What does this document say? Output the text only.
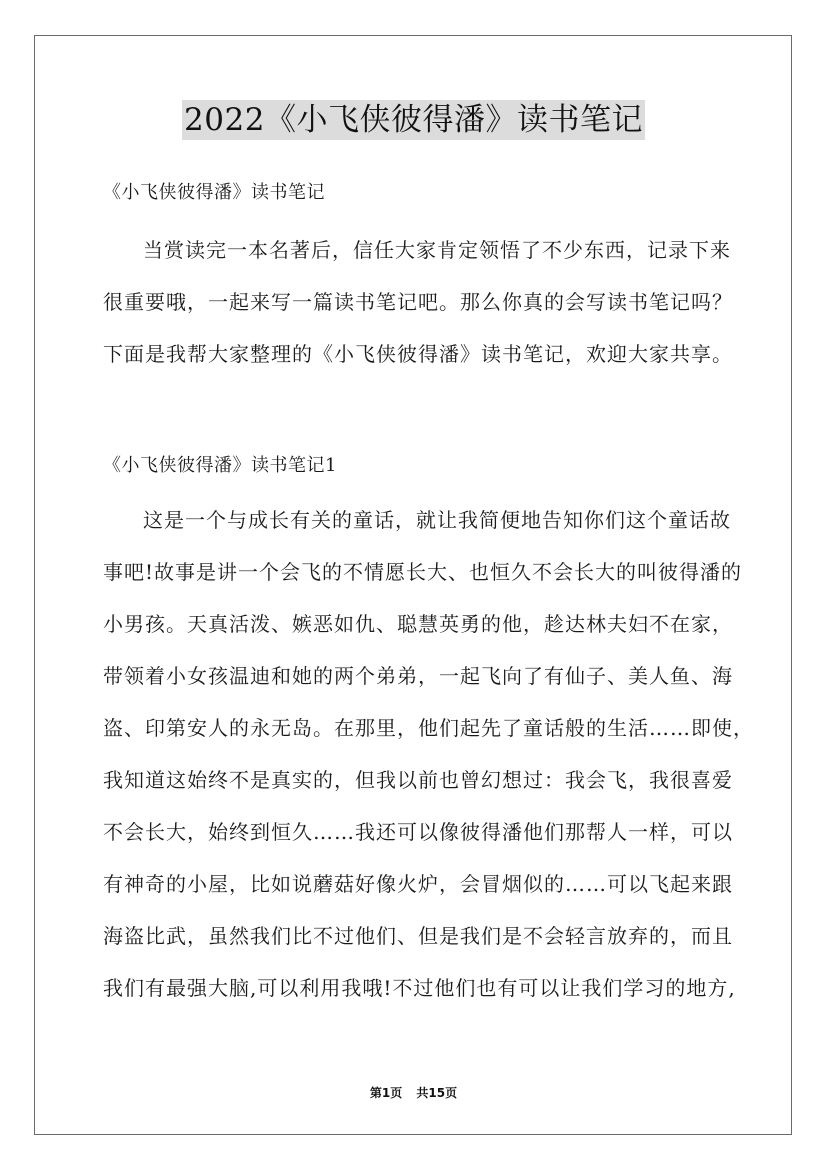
2022《小飞侠彼得潘》读书笔记
《小飞侠彼得潘》读书笔记
当赏读完一本名著后，信任大家肯定领悟了不少东西，记录下来
很重要哦，一起来写一篇读书笔记吧。那么你真的会写读书笔记吗？
下面是我帮大家整理的《小飞侠彼得潘》读书笔记，欢迎大家共享。
《小飞侠彼得潘》读书笔记1
这是一个与成长有关的童话，就让我简便地告知你们这个童话故
事吧!故事是讲一个会飞的不情愿长大、也恒久不会长大的叫彼得潘的
小男孩。天真活泼、嫉恶如仇、聪慧英勇的他，趁达林夫妇不在家，
带领着小女孩温迪和她的两个弟弟，一起飞向了有仙子、美人鱼、海
盗、印第安人的永无岛。在那里，他们起先了童话般的生活……即使，
我知道这始终不是真实的，但我以前也曾幻想过：我会飞，我很喜爱
不会长大，始终到恒久……我还可以像彼得潘他们那帮人一样，可以
有神奇的小屋，比如说蘑菇好像火炉，会冒烟似的……可以飞起来跟
海盗比武，虽然我们比不过他们、但是我们是不会轻言放弃的，而且
我们有最强大脑,可以利用我哦!不过他们也有可以让我们学习的地方,
第1页 共15页
